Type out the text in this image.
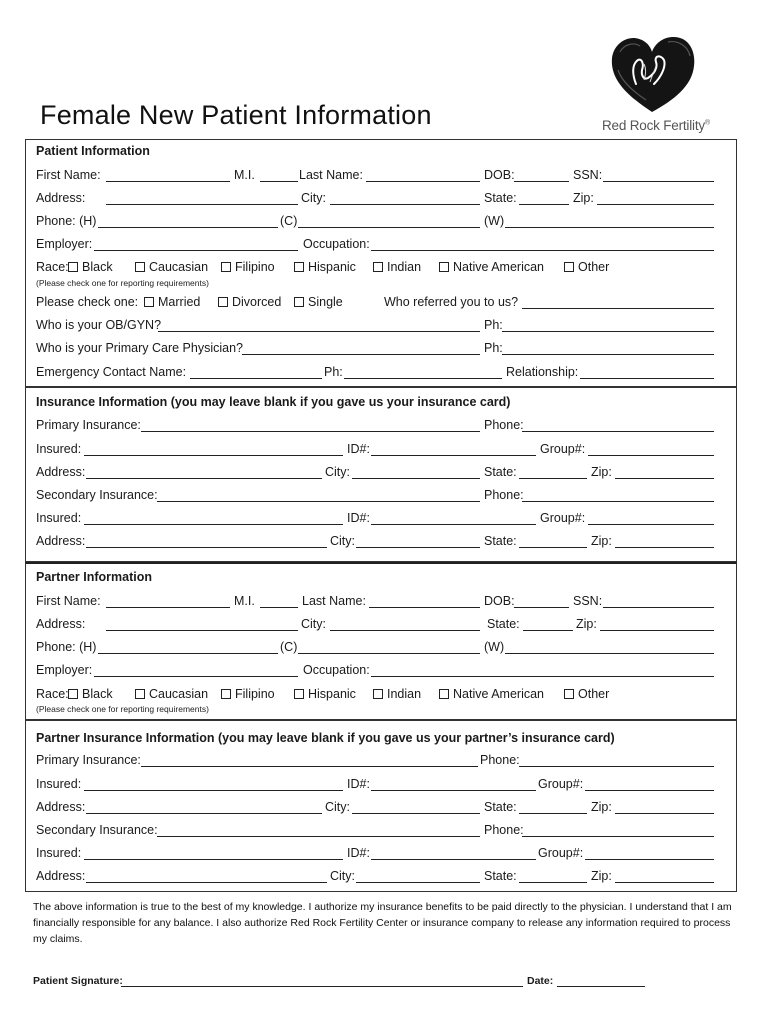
Female New Patient Information	Red Rock Fertility®
Patient Information
First Name:	M.I.	Last Name:	DOB:	SSN:
Address:	City:	State:	Zip:
Phone: (H)	(C)	(W)
Employer:	Occupation:
Race:	Black	Caucasian	Filipino	Hispanic	Indian	Native American	Other
(Please check one for reporting requirements)
Please check one:	Married	Divorced	Single	Who referred you to us?
Who is your OB/GYN?	Ph:
Who is your Primary Care Physician?	Ph:
Emergency Contact Name:	Ph:	Relationship:
Insurance Information (you may leave blank if you gave us your insurance card)
Primary Insurance:	Phone:
Insured:	ID#:	Group#:
Address:	City:	State:	Zip:
Secondary Insurance:	Phone:
Insured:	ID#:	Group#:
Address:	City:	State:	Zip:
Partner Information
First Name:	M.I.	Last Name:	DOB:	SSN:
Address:	City:	State:	Zip:
Phone: (H)	(C)	(W)
Employer:	Occupation:
Race:	Black	Caucasian	Filipino	Hispanic	Indian	Native American	Other
(Please check one for reporting requirements)
Partner Insurance Information (you may leave blank if you gave us your partner’s insurance card)
Primary Insurance:	Phone:
Insured:	ID#:	Group#:
Address:	City:	State:	Zip:
Secondary Insurance:	Phone:
Insured:	ID#:	Group#:
Address:	City:	State:	Zip:
The above information is true to the best of my knowledge. I authorize my insurance benefits to be paid directly to the physician. I understand that I am financially responsible for any balance. I also authorize Red Rock Fertility Center or insurance company to release any information required to process my claims.
Patient Signature:	Date:
